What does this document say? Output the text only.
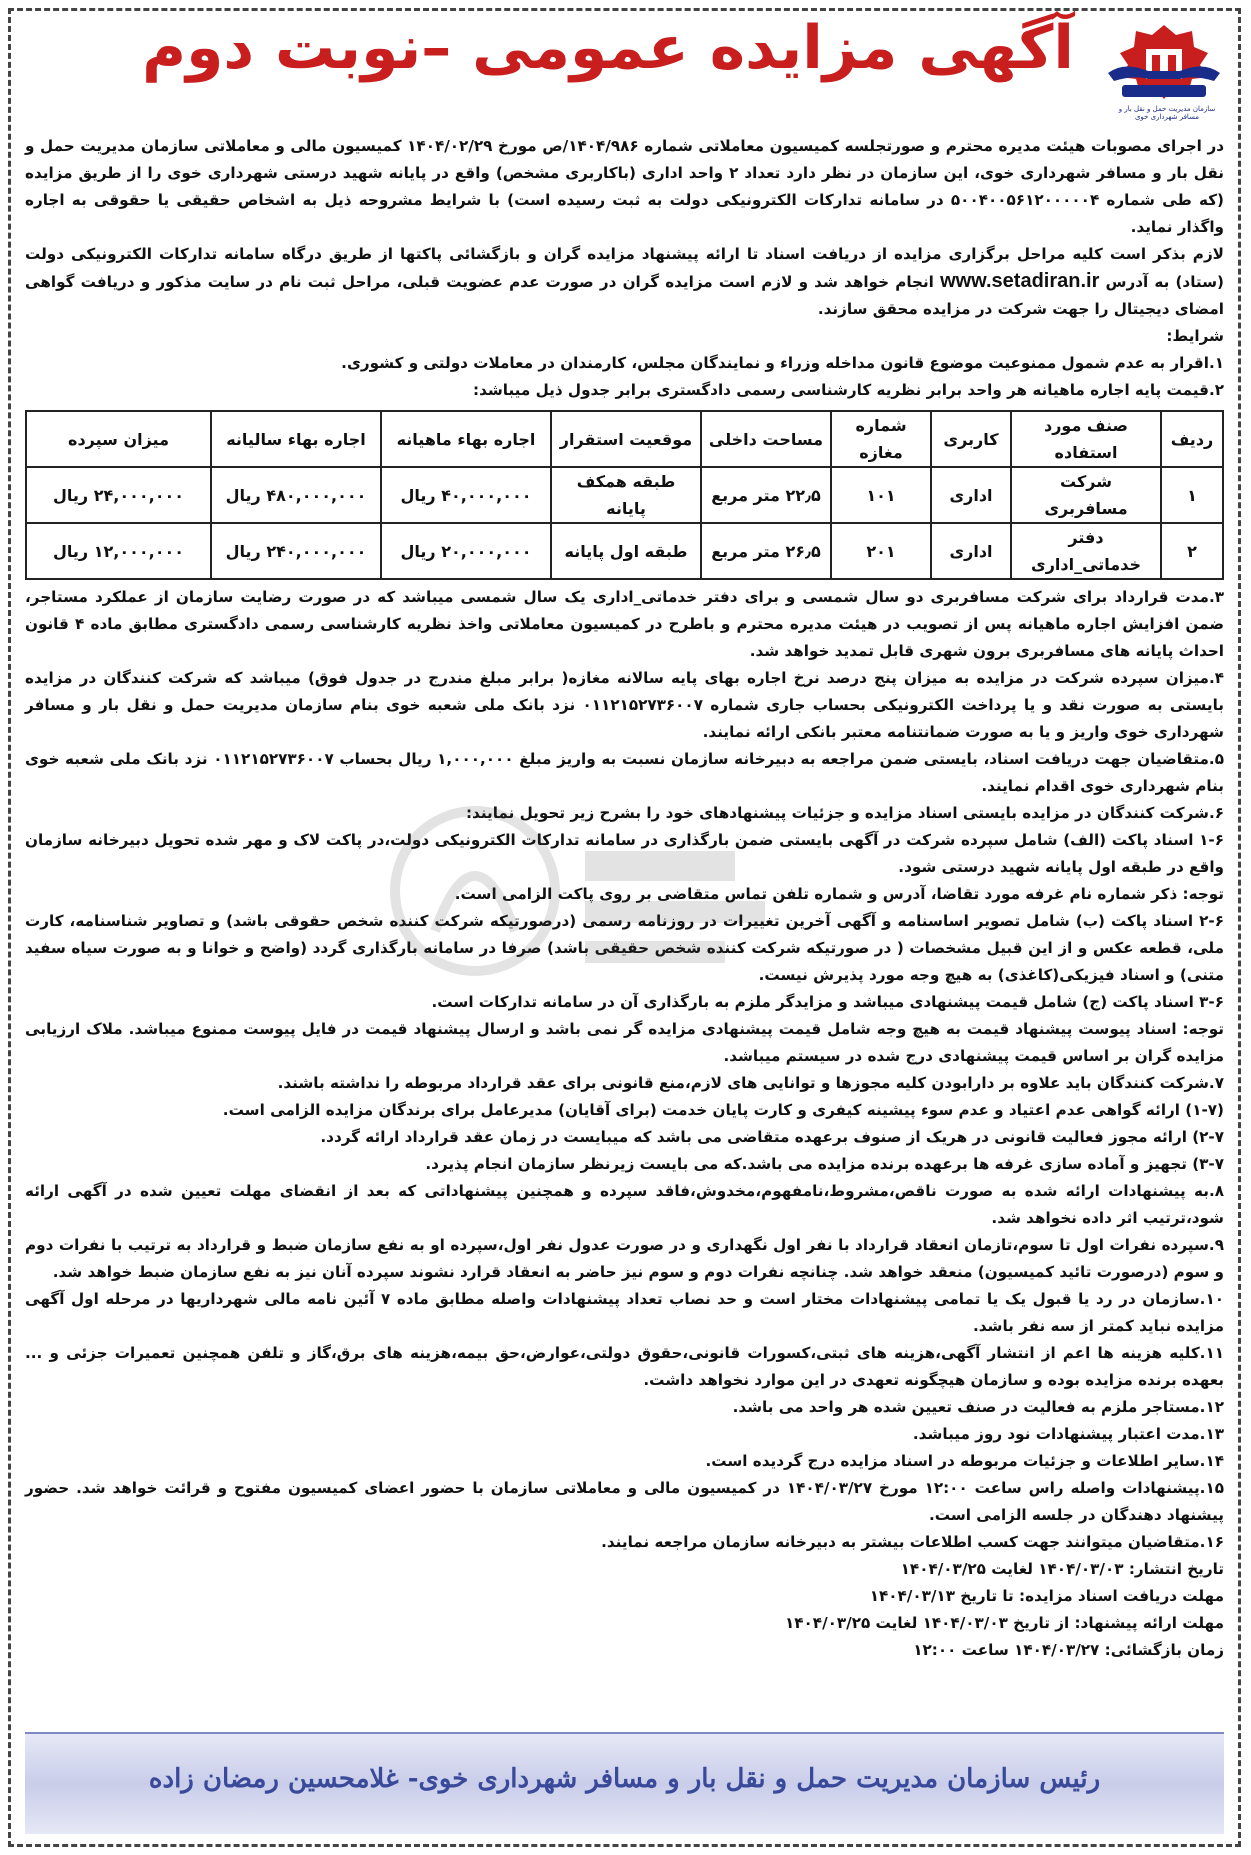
سازمان مدیریت حمل و نقل بار و مسافر شهرداری خوی
آگهی مزایده عمومی –نوبت دوم

در اجرای مصوبات هیئت مدیره محترم و صورتجلسه کمیسیون معاملاتی شماره ۱۴۰۴/۹۸۶/ص مورخ ۱۴۰۴/۰۲/۲۹ کمیسیون مالی و معاملاتی سازمان مدیریت حمل و نقل بار و مسافر شهرداری خوی، این سازمان در نظر دارد تعداد ۲ واحد اداری (باکاربری مشخص) واقع در پایانه شهید درستی شهرداری خوی را از طریق مزایده (که طی شماره ۵۰۰۴۰۰۵۶۱۲۰۰۰۰۰۴ در سامانه تدارکات الکترونیکی دولت به ثبت رسیده است) با شرایط مشروحه ذیل به اشخاص حقیقی یا حقوقی به اجاره واگذار نماید.

لازم بذکر است کلیه مراحل برگزاری مزایده از دریافت اسناد تا ارائه پیشنهاد مزایده گران و بازگشائی پاکتها از طریق درگاه سامانه تدارکات الکترونیکی دولت (ستاد) به آدرس www.setadiran.ir انجام خواهد شد و لازم است مزایده گران در صورت عدم عضویت قبلی، مراحل ثبت نام در سایت مذکور و دریافت گواهی امضای دیجیتال را جهت شرکت در مزایده محقق سازند.

شرایط:

۱.اقرار به عدم شمول ممنوعیت موضوع قانون مداخله وزراء و نمایندگان مجلس، کارمندان در معاملات دولتی و کشوری.

۲.قیمت پایه اجاره ماهیانه هر واحد برابر نظریه کارشناسی رسمی دادگستری برابر جدول ذیل میباشد:

ردیف	صنف مورد استفاده	کاربری	شماره مغازه	مساحت داخلی	موقعیت استقرار	اجاره بهاء ماهیانه	اجاره بهاء سالیانه	میزان سپرده
۱	شرکت مسافربری	اداری	۱۰۱	۲۲٫۵ متر مربع	طبقه همکف پایانه	۴۰,۰۰۰,۰۰۰ ریال	۴۸۰,۰۰۰,۰۰۰ ریال	۲۴,۰۰۰,۰۰۰ ریال
۲	دفتر خدماتی_اداری	اداری	۲۰۱	۲۶٫۵ متر مربع	طبقه اول پایانه	۲۰,۰۰۰,۰۰۰ ریال	۲۴۰,۰۰۰,۰۰۰ ریال	۱۲,۰۰۰,۰۰۰ ریال

۳.مدت قرارداد برای شرکت مسافربری دو سال شمسی و برای دفتر خدماتی_اداری یک سال شمسی میباشد که در صورت رضایت سازمان از عملکرد مستاجر، ضمن افزایش اجاره ماهیانه پس از تصویب در هیئت مدیره محترم و باطرح در کمیسیون معاملاتی واخذ نظریه کارشناسی رسمی دادگستری مطابق ماده ۴ قانون احداث پایانه های مسافربری برون شهری قابل تمدید خواهد شد.

۴.میزان سپرده شرکت در مزایده به میزان پنج درصد نرخ اجاره بهای پایه سالانه مغازه( برابر مبلغ مندرج در جدول فوق) میباشد که شرکت کنندگان در مزایده بایستی به صورت نقد و یا پرداخت الکترونیکی بحساب جاری شماره ۰۱۱۲۱۵۲۷۳۶۰۰۷ نزد بانک ملی شعبه خوی بنام سازمان مدیریت حمل و نقل بار و مسافر شهرداری خوی واریز و یا به صورت ضمانتنامه معتبر بانکی ارائه نمایند.

۵.متقاضیان جهت دریافت اسناد، بایستی ضمن مراجعه به دبیرخانه سازمان نسبت به واریز مبلغ ۱,۰۰۰,۰۰۰ ریال بحساب ۰۱۱۲۱۵۲۷۳۶۰۰۷ نزد بانک ملی شعبه خوی بنام شهرداری خوی اقدام نمایند.

۶.شرکت کنندگان در مزایده بایستی اسناد مزایده و جزئیات پیشنهادهای خود را بشرح زیر تحویل نمایند:

۱-۶ اسناد پاکت (الف) شامل سپرده شرکت در آگهی بایستی ضمن بارگذاری در سامانه تدارکات الکترونیکی دولت،در پاکت لاک و مهر شده تحویل دبیرخانه سازمان واقع در طبقه اول پایانه شهید درستی شود.

توجه: ذکر شماره نام غرفه مورد تقاضا، آدرس و شماره تلفن تماس متقاضی بر روی پاکت الزامی است.

۲-۶ اسناد پاکت (ب) شامل تصویر اساسنامه و آگهی آخرین تغییرات در روزنامه رسمی (درصورتیکه شرکت کننده شخص حقوقی باشد) و تصاویر شناسنامه، کارت ملی، قطعه عکس و از این قبیل مشخصات ( در صورتیکه شرکت کننده شخص حقیقی باشد) صرفا در سامانه بارگذاری گردد (واضح و خوانا و به صورت سیاه سفید متنی) و اسناد فیزیکی(کاغذی) به هیچ وجه مورد پذیرش نیست.

۳-۶ اسناد پاکت (ج) شامل قیمت پیشنهادی میباشد و مزایدگر ملزم به بارگذاری آن در سامانه تدارکات است.

توجه: اسناد پیوست پیشنهاد قیمت به هیچ وجه شامل قیمت پیشنهادی مزایده گر نمی باشد و ارسال پیشنهاد قیمت در فایل پیوست ممنوع میباشد. ملاک ارزیابی مزایده گران بر اساس قیمت پیشنهادی درج شده در سیستم میباشد.

۷.شرکت کنندگان باید علاوه بر دارابودن کلیه مجوزها و توانایی های لازم،منع قانونی برای عقد قرارداد مربوطه را نداشته باشند.

(۱-۷) ارائه گواهی عدم اعتیاد و عدم سوء پیشینه کیفری و کارت پایان خدمت (برای آقایان) مدیرعامل برای برندگان مزایده الزامی است.

۲-۷) ارائه مجوز فعالیت قانونی در هریک از صنوف برعهده متقاضی می باشد که میبایست در زمان عقد قرارداد ارائه گردد.

۳-۷) تجهیز و آماده سازی غرفه ها برعهده برنده مزایده می باشد.که می بایست زیرنظر سازمان انجام پذیرد.

۸.به پیشنهادات ارائه شده به صورت ناقص،مشروط،نامفهوم،مخدوش،فاقد سپرده و همچنین پیشنهاداتی که بعد از انقضای مهلت تعیین شده در آگهی ارائه شود،ترتیب اثر داده نخواهد شد.

۹.سپرده نفرات اول تا سوم،تازمان انعقاد قرارداد با نفر اول نگهداری و در صورت عدول نفر اول،سپرده او به نفع سازمان ضبط و قرارداد به ترتیب با نفرات دوم و سوم (درصورت تائید کمیسیون) منعقد خواهد شد. چنانچه نفرات دوم و سوم نیز حاضر به انعقاد قرارد نشوند سپرده آنان نیز به نفع سازمان ضبط خواهد شد.

۱۰.سازمان در رد یا قبول یک یا تمامی پیشنهادات مختار است و حد نصاب تعداد پیشنهادات واصله مطابق ماده ۷ آئین نامه مالی شهرداریها در مرحله اول آگهی مزایده نباید کمتر از سه نفر باشد.

۱۱.کلیه هزینه ها اعم از انتشار آگهی،هزینه های ثبتی،کسورات قانونی،حقوق دولتی،عوارض،حق بیمه،هزینه های برق،گاز و تلفن همچنین تعمیرات جزئی و ... بعهده برنده مزایده بوده و سازمان هیچگونه تعهدی در این موارد نخواهد داشت.

۱۲.مستاجر ملزم به فعالیت در صنف تعیین شده هر واحد می باشد.

۱۳.مدت اعتبار پیشنهادات نود روز میباشد.

۱۴.سایر اطلاعات و جزئیات مربوطه در اسناد مزایده درج گردیده است.

۱۵.پیشنهادات واصله راس ساعت ۱۲:۰۰ مورخ ۱۴۰۴/۰۳/۲۷ در کمیسیون مالی و معاملاتی سازمان با حضور اعضای کمیسیون مفتوح و قرائت خواهد شد. حضور پیشنهاد دهندگان در جلسه الزامی است.

۱۶.متقاضیان میتوانند جهت کسب اطلاعات بیشتر به دبیرخانه سازمان مراجعه نمایند.

تاریخ انتشار: ۱۴۰۴/۰۳/۰۳ لغایت ۱۴۰۴/۰۳/۲۵

مهلت دریافت اسناد مزایده: تا تاریخ ۱۴۰۴/۰۳/۱۳

مهلت ارائه پیشنهاد: از تاریخ ۱۴۰۴/۰۳/۰۳ لغایت ۱۴۰۴/۰۳/۲۵

زمان بازگشائی: ۱۴۰۴/۰۳/۲۷ ساعت ۱۲:۰۰

رئیس سازمان مدیریت حمل و نقل بار و مسافر شهرداری خوی- غلامحسین رمضان زاده
